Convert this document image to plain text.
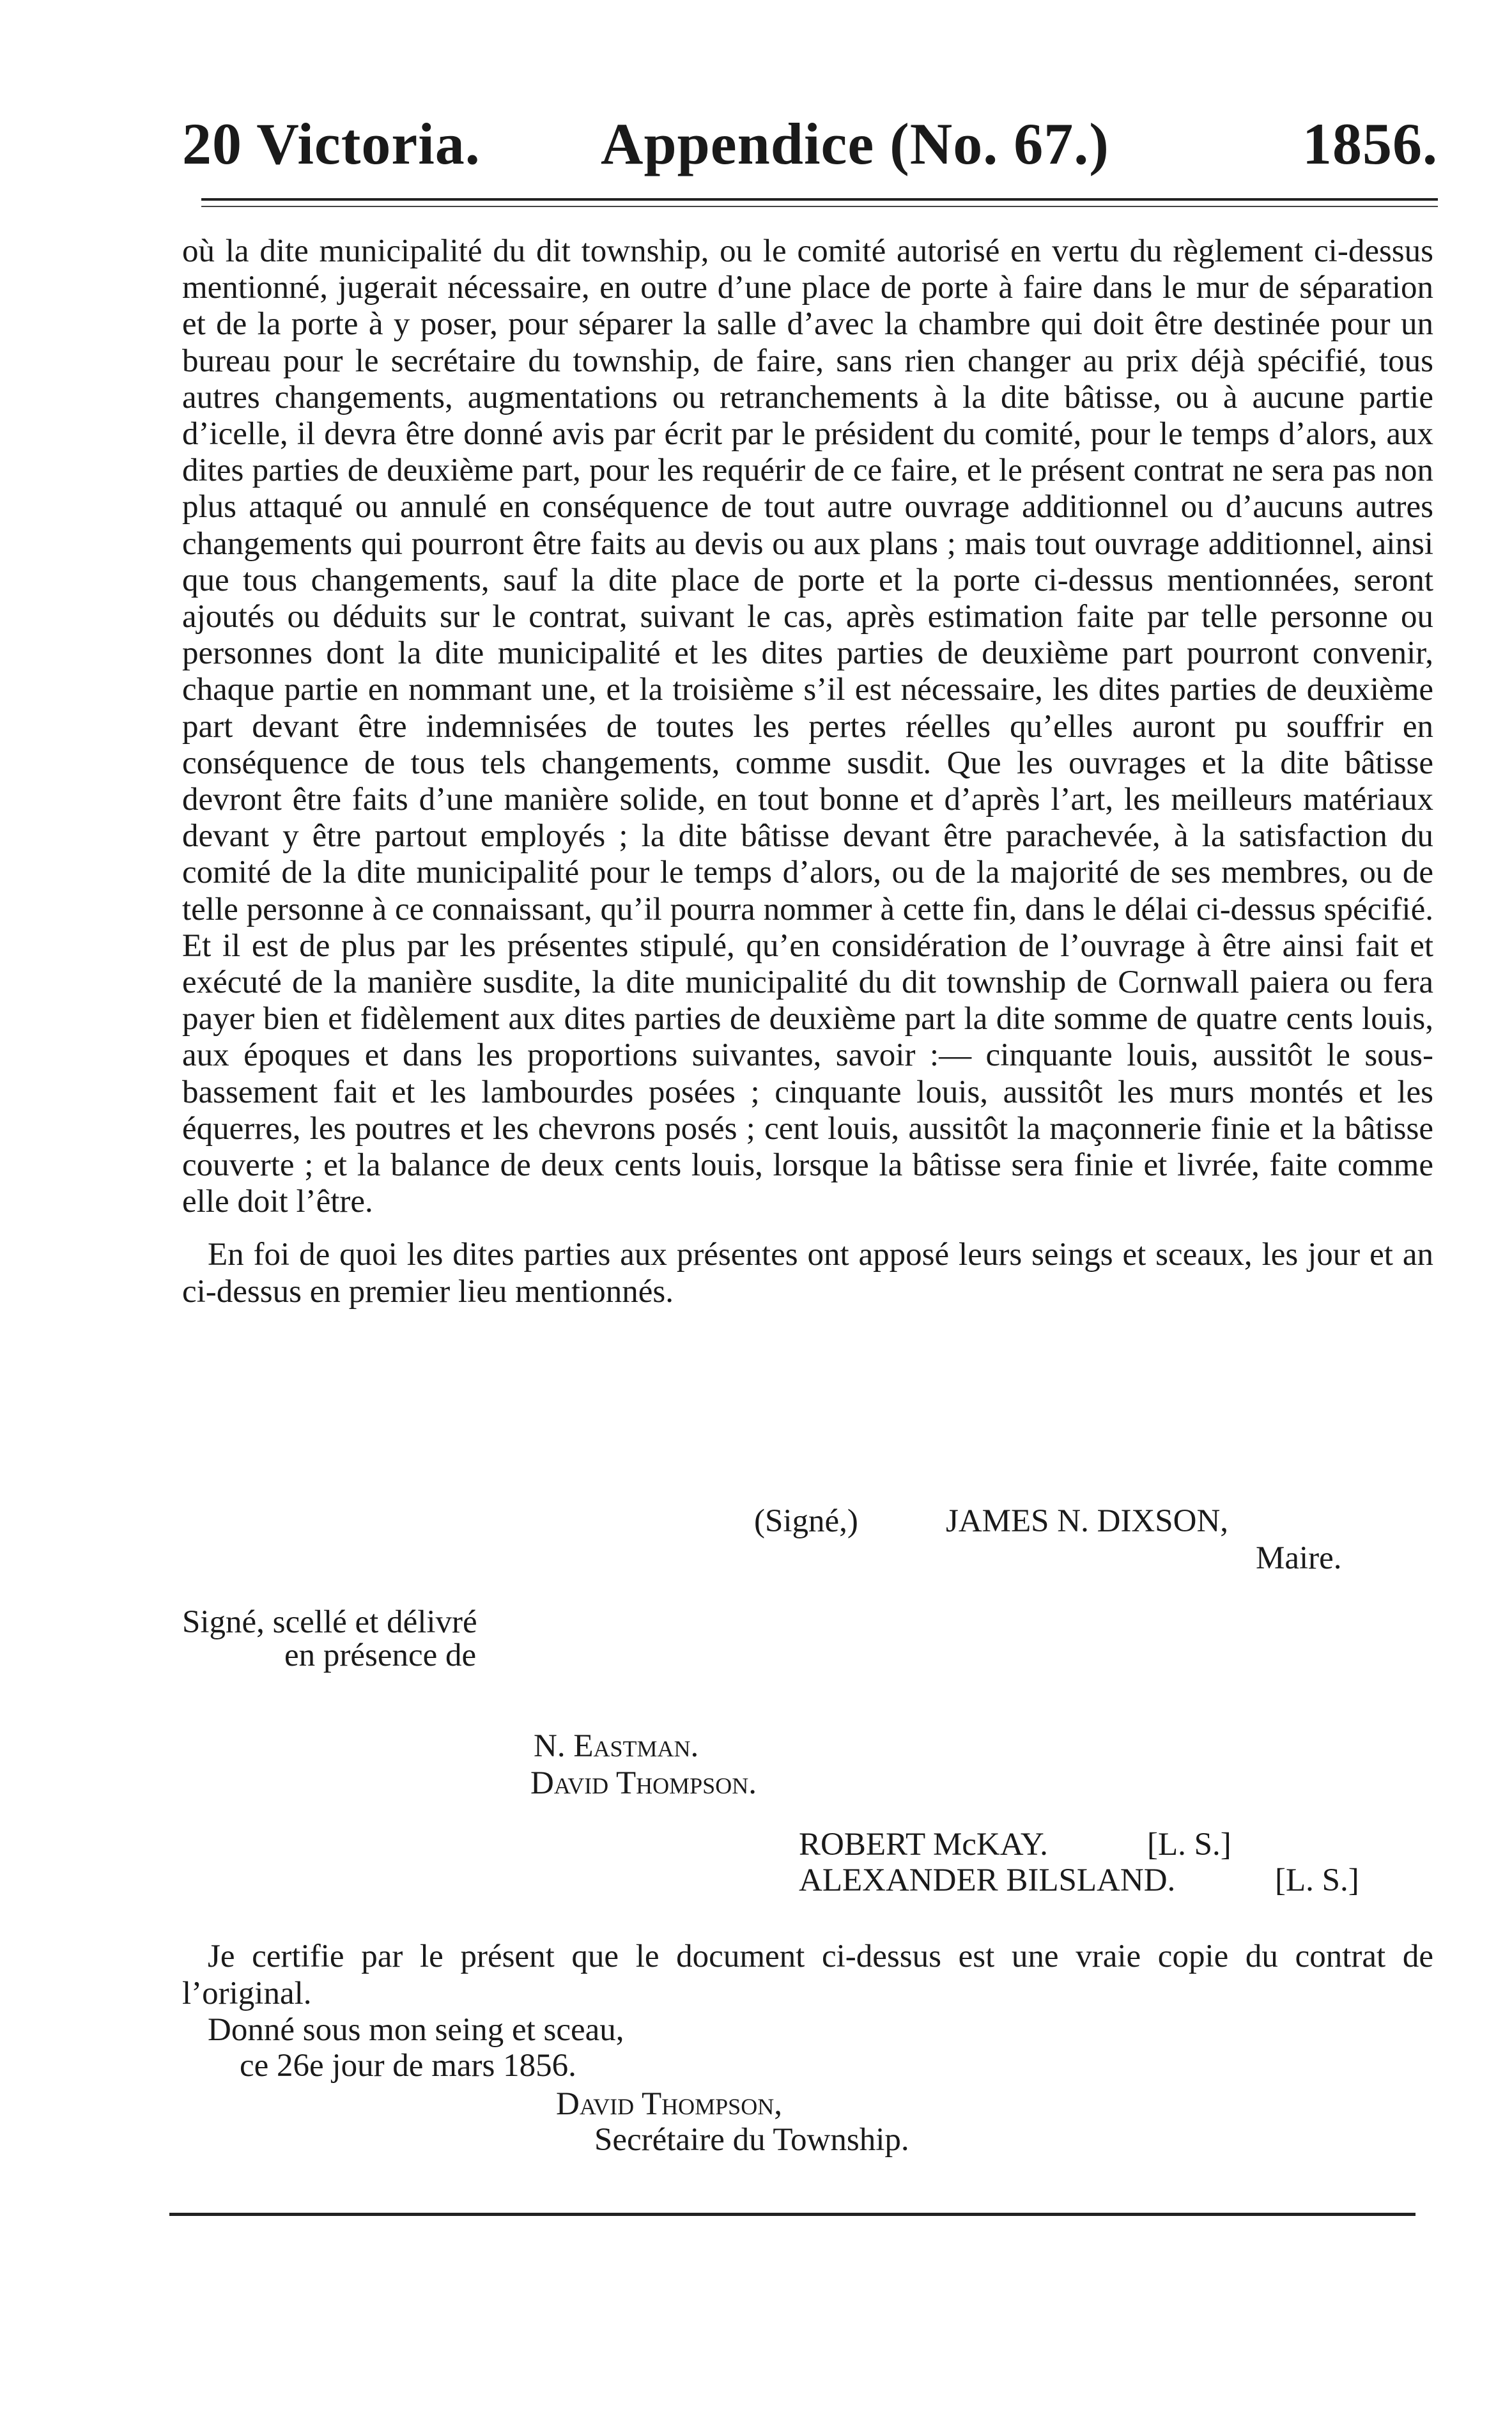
20 Victoria. Appendice (No. 67.)	1856.

où la dite municipalité du dit township, ou le comité autorisé en vertu du règlement ci-dessus mentionné, jugerait nécessaire, en outre d’une place de porte à faire dans le mur de séparation et de la porte à y poser, pour séparer la salle d’avec la chambre qui doit être destinée pour un bureau pour le secrétaire du township, de faire, sans rien changer au prix déjà spécifié, tous autres changements, augmentations ou retranchements à la dite bâtisse, ou à aucune partie d’icelle, il devra être donné avis par écrit par le président du comité, pour le temps d’alors, aux dites parties de deuxième part, pour les requérir de ce faire, et le présent contrat ne sera pas non plus attaqué ou annulé en conséquence de tout autre ouvrage additionnel ou d’aucuns autres changements qui pourront être faits au devis ou aux plans ; mais tout ouvrage additionnel, ainsi que tous changements, sauf la dite place de porte et la porte ci-dessus mentionnées, seront ajoutés ou déduits sur le contrat, suivant le cas, après estimation faite par telle personne ou personnes dont la dite municipalité et les dites parties de deuxième part pourront convenir, chaque partie en nommant une, et la troisième s’il est nécessaire, les dites parties de deuxième part devant être indemnisées de toutes les pertes réelles qu’elles auront pu souffrir en conséquence de tous tels changements, comme susdit. Que les ouvrages et la dite bâtisse devront être faits d’une manière solide, en tout bonne et d’après l’art, les meilleurs matériaux devant y être partout employés ; la dite bâtisse devant être parachevée, à la satisfaction du comité de la dite municipalité pour le temps d’alors, ou de la majorité de ses membres, ou de telle personne à ce connaissant, qu’il pourra nommer à cette fin, dans le délai ci-dessus spécifié. Et il est de plus par les présentes stipulé, qu’en considération de l’ouvrage à être ainsi fait et exécuté de la manière susdite, la dite municipalité du dit township de Cornwall paiera ou fera payer bien et fidèlement aux dites parties de deuxième part la dite somme de quatre cents louis, aux époques et dans les proportions suivantes, savoir :— cinquante louis, aussitôt le sous-bassement fait et les lambourdes posées ; cinquante louis, aussitôt les murs montés et les équerres, les poutres et les chevrons posés ; cent louis, aussitôt la maçonnerie finie et la bâtisse couverte ; et la balance de deux cents louis, lorsque la bâtisse sera finie et livrée, faite comme elle doit l’être.

En foi de quoi les dites parties aux présentes ont apposé leurs seings et sceaux, les jour et an ci-dessus en premier lieu mentionnés.

(Signé,)	JAMES N. DIXSON,
Maire.
Signé, scellé et délivré
en présence de
N. Eastman.
David Thompson.
ROBERT McKAY.	[L. S.]
ALEXANDER BILSLAND.	[L. S.]
Je certifie par le présent que le document ci-dessus est une vraie copie du contrat de l’original.
Donné sous mon seing et sceau,
ce 26e jour de mars 1856.
David Thompson,
Secrétaire du Township.
